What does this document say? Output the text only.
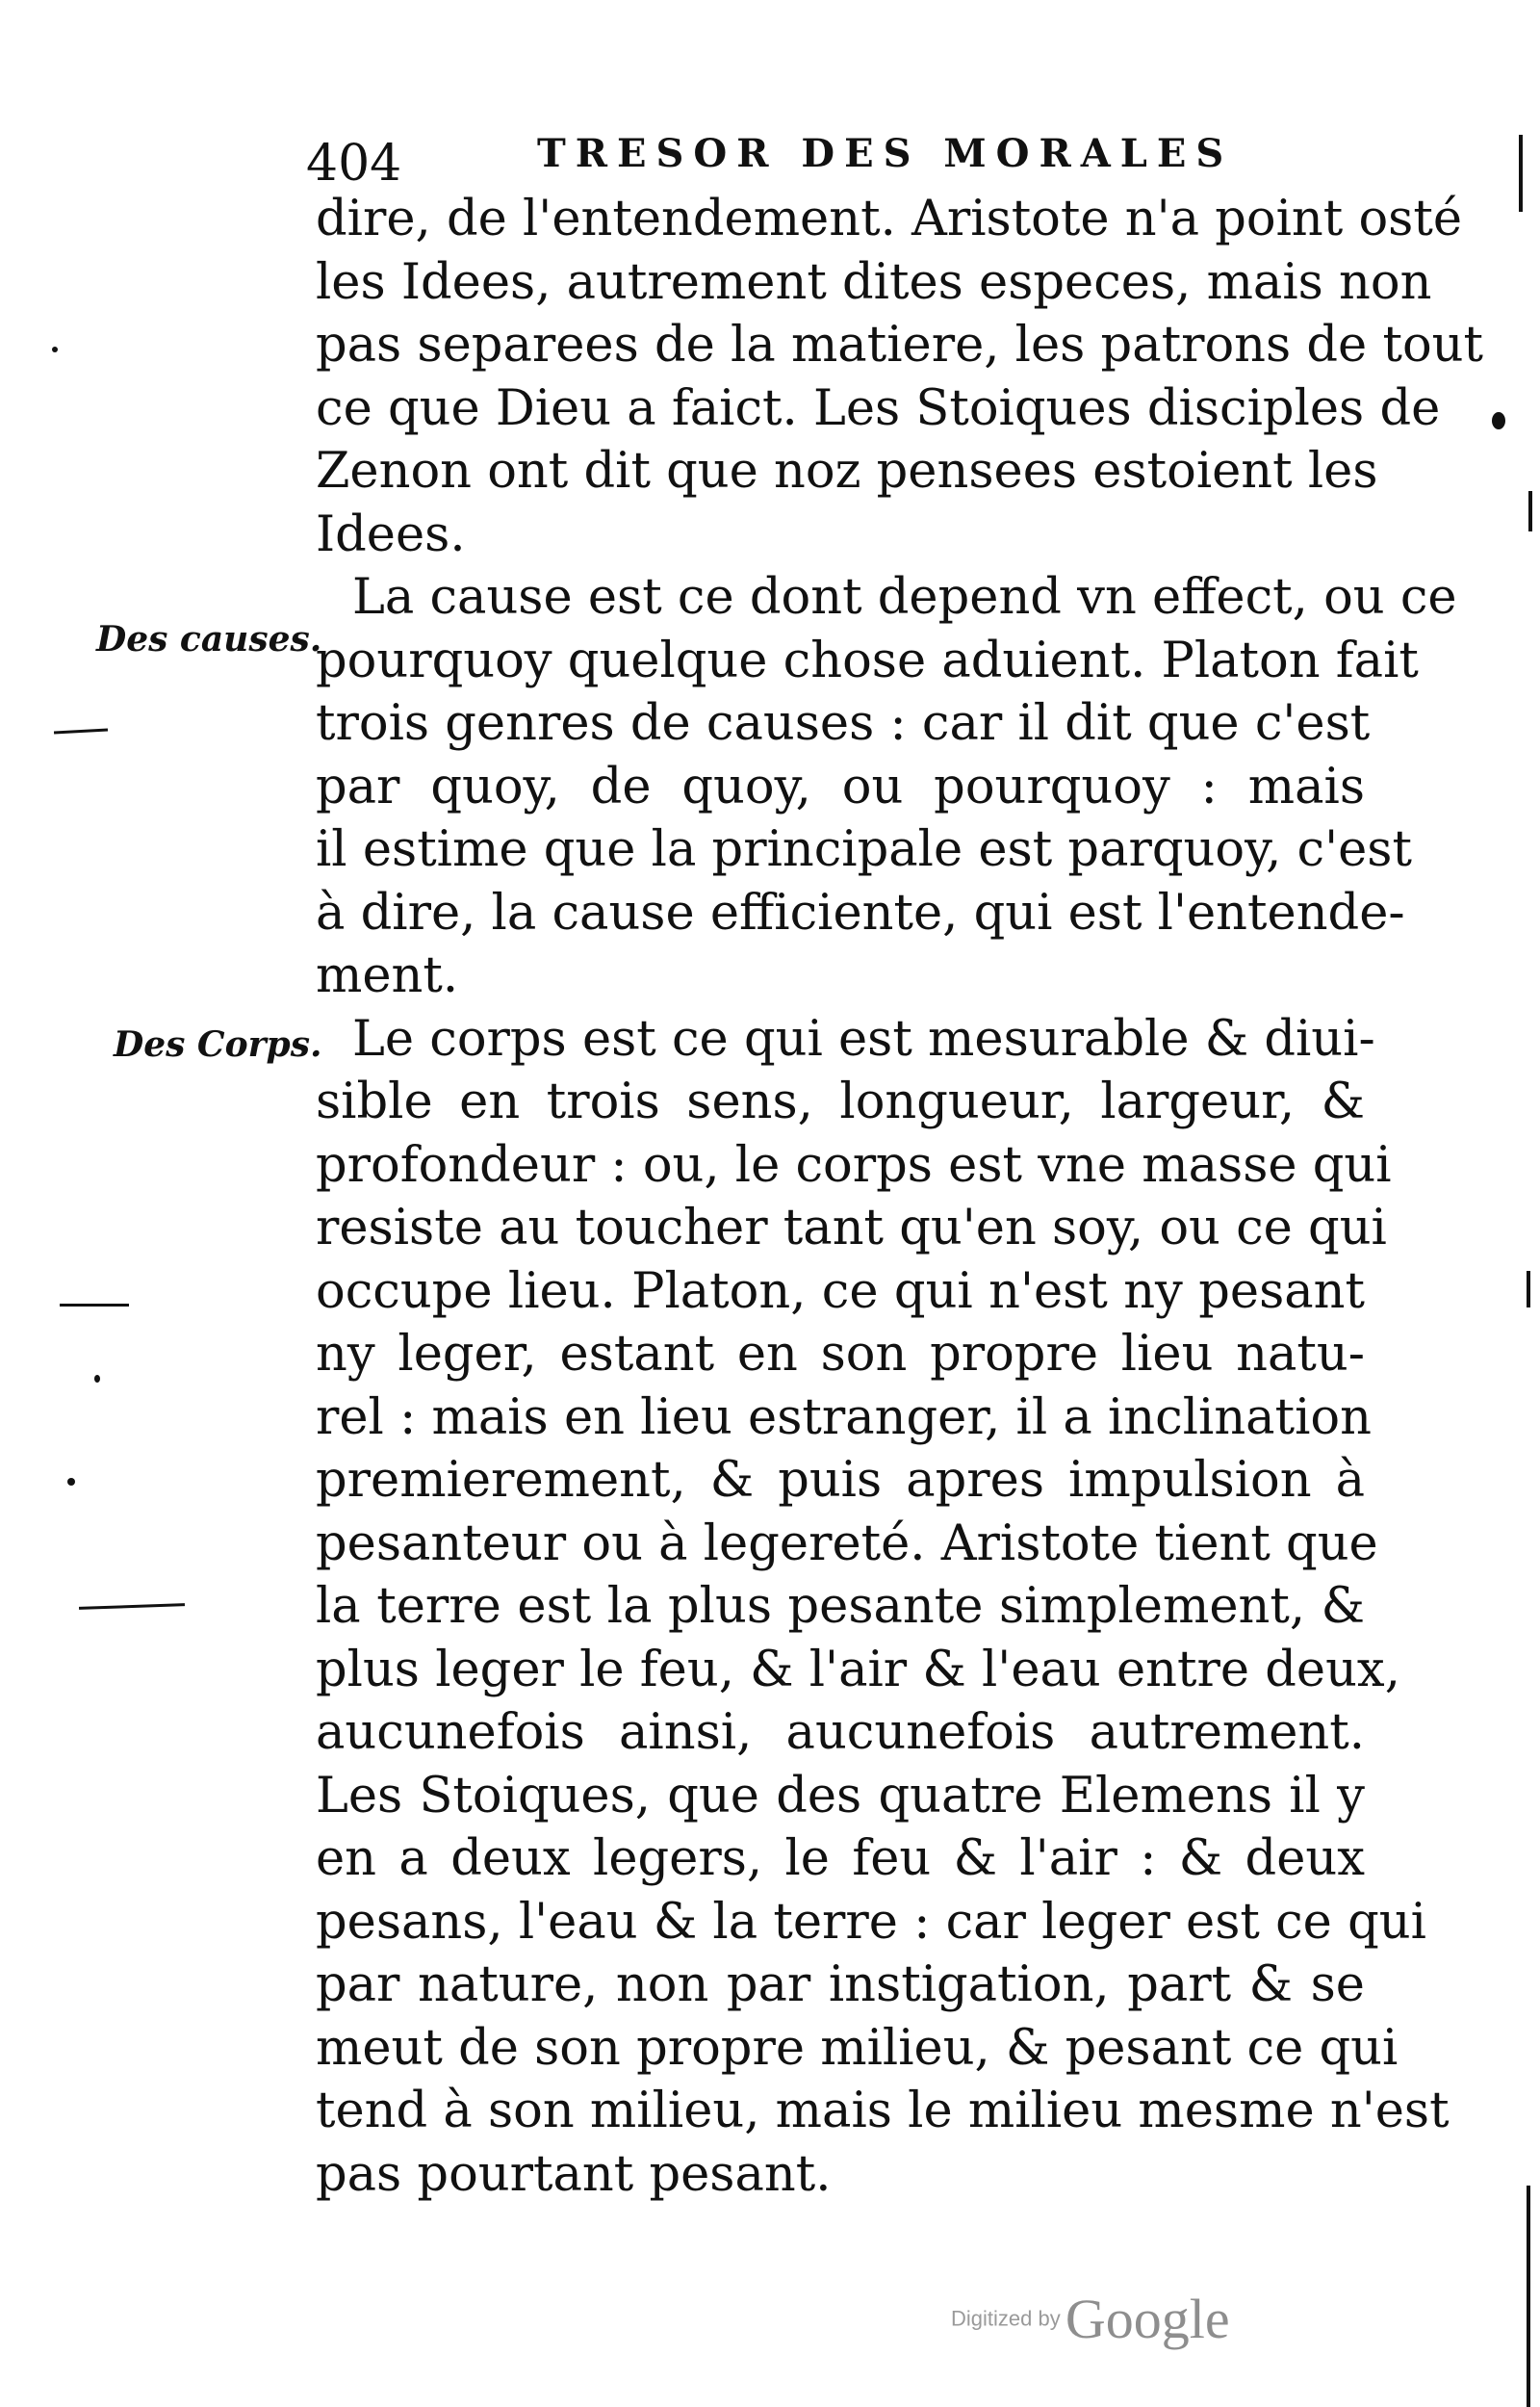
404	TRESOR DES MORALES
Des causes.
Des Corps.
dire, de l'entendement. Aristote n'a point osté
les Idees, autrement dites especes, mais non
pas separees de la matiere, les patrons de tout
ce que Dieu a faict. Les Stoiques disciples de
Zenon ont dit que noz pensees estoient les
Idees.
La cause est ce dont depend vn effect, ou ce
pourquoy quelque chose aduient. Platon fait
trois genres de causes : car il dit que c'est
par quoy, de quoy, ou pourquoy : mais
il estime que la principale est parquoy, c'est
à dire, la cause efficiente, qui est l'entende-
ment.
Le corps est ce qui est mesurable & diui-
sible en trois sens, longueur, largeur, &
profondeur : ou, le corps est vne masse qui
resiste au toucher tant qu'en soy, ou ce qui
occupe lieu. Platon, ce qui n'est ny pesant
ny leger, estant en son propre lieu natu-
rel : mais en lieu estranger, il a inclination
premierement, & puis apres impulsion à
pesanteur ou à legereté. Aristote tient que
la terre est la plus pesante simplement, &
plus leger le feu, & l'air & l'eau entre deux,
aucunefois ainsi, aucunefois autrement.
Les Stoiques, que des quatre Elemens il y
en a deux legers, le feu & l'air : & deux
pesans, l'eau & la terre : car leger est ce qui
par nature, non par instigation, part & se
meut de son propre milieu, & pesant ce qui
tend à son milieu, mais le milieu mesme n'est
pas pourtant pesant.
Digitized by Google
